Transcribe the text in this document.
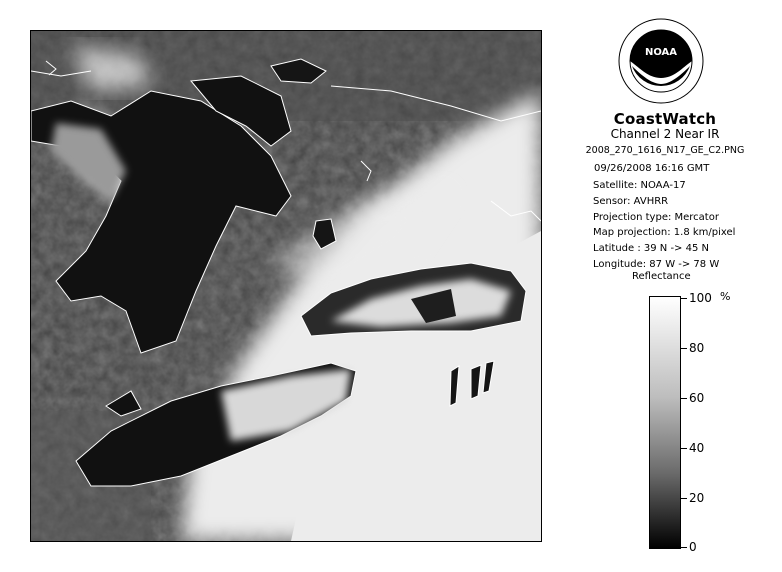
NOAA
CoastWatch
Channel 2 Near IR
2008_270_1616_N17_GE_C2.PNG
09/26/2008 16:16 GMT
Satellite: NOAA-17
Sensor: AVHRR
Projection type: Mercator
Map projection: 1.8 km/pixel
Latitude : 39 N -> 45 N
Longitude: 87 W -> 78 W
Reflectance
%
100
80
60
40
20
0
